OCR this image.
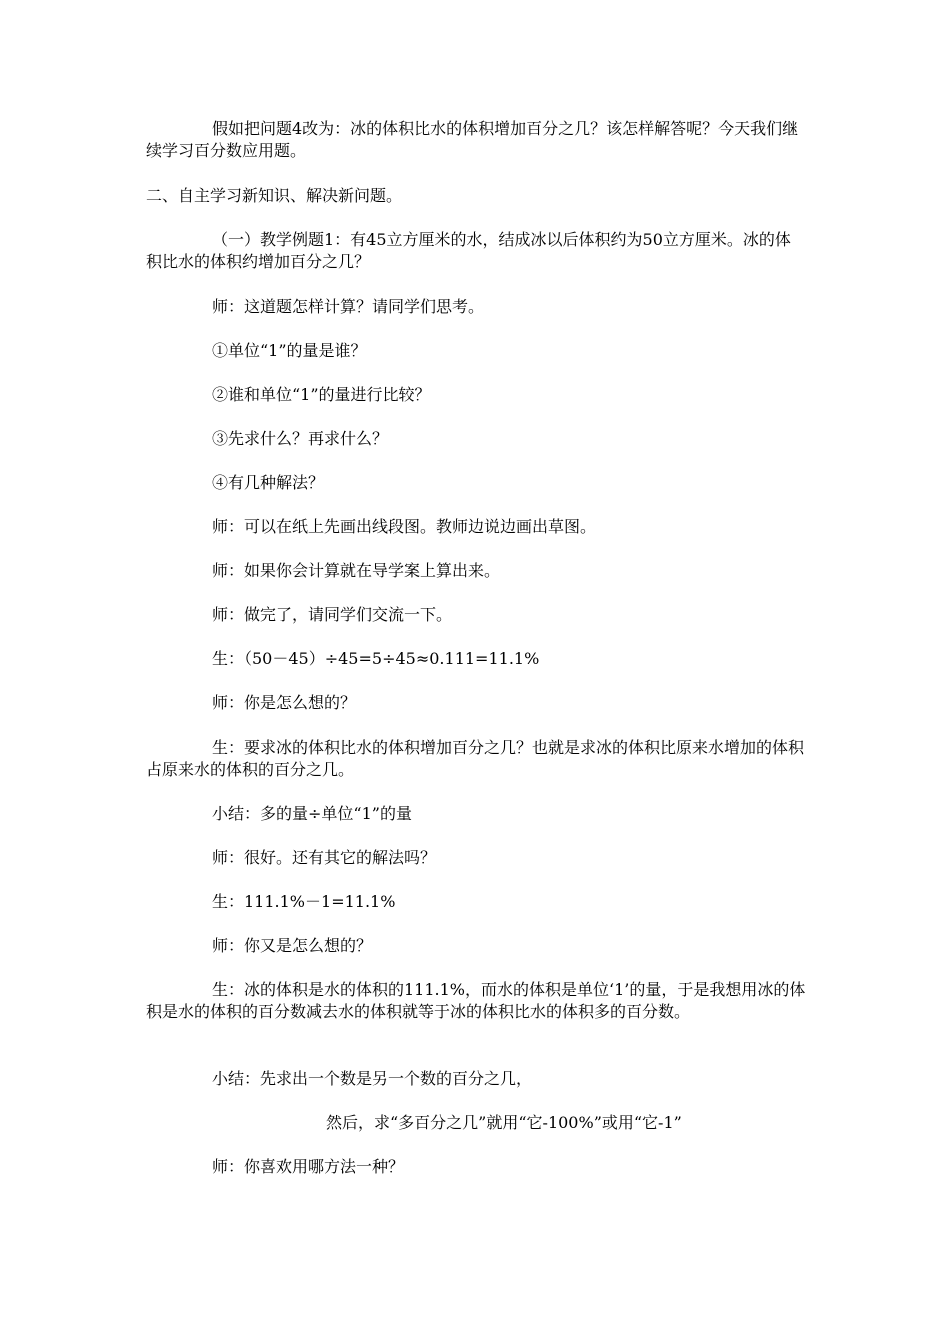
假如把问题4改为：冰的体积比水的体积增加百分之几？该怎样解答呢？今天我们继续学习百分数应用题。

二、自主学习新知识、解决新问题。

（一）教学例题1：有45立方厘米的水，结成冰以后体积约为50立方厘米。冰的体积比水的体积约增加百分之几？

师：这道题怎样计算？请同学们思考。

①单位“1”的量是谁？

②谁和单位“1”的量进行比较？

③先求什么？再求什么？

④有几种解法？

师：可以在纸上先画出线段图。教师边说边画出草图。

师：如果你会计算就在导学案上算出来。

师：做完了，请同学们交流一下。

生：（50－45）÷45=5÷45≈0.111=11.1%

师：你是怎么想的？

生：要求冰的体积比水的体积增加百分之几？也就是求冰的体积比原来水增加的体积占原来水的体积的百分之几。

小结：多的量÷单位“1”的量

师：很好。还有其它的解法吗？

生：111.1%－1=11.1%

师：你又是怎么想的？

生：冰的体积是水的体积的111.1%，而水的体积是单位‘1’的量，于是我想用冰的体积是水的体积的百分数减去水的体积就等于冰的体积比水的体积多的百分数。

小结：先求出一个数是另一个数的百分之几，

然后，求“多百分之几”就用“它-100%”或用“它-1”

师：你喜欢用哪方法一种？
